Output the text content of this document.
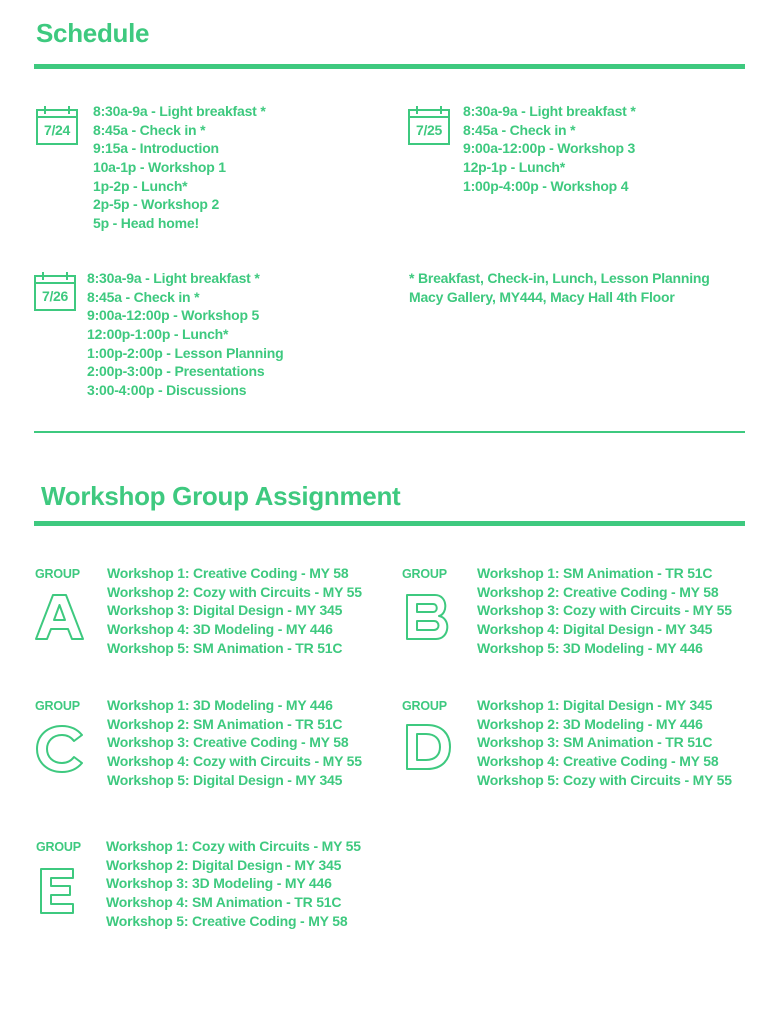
Schedule
7/24
8:30a-9a - Light breakfast *
8:45a - Check in *
9:15a - Introduction
10a-1p - Workshop 1
1p-2p - Lunch*
2p-5p - Workshop 2
5p - Head home!
7/25
8:30a-9a - Light breakfast *
8:45a - Check in *
9:00a-12:00p - Workshop 3
12p-1p - Lunch*
1:00p-4:00p - Workshop 4
7/26
8:30a-9a - Light breakfast *
8:45a - Check in *
9:00a-12:00p - Workshop 5
12:00p-1:00p - Lunch*
1:00p-2:00p - Lesson Planning
2:00p-3:00p - Presentations
3:00-4:00p - Discussions
* Breakfast, Check-in, Lunch, Lesson Planning
Macy Gallery, MY444, Macy Hall 4th Floor
Workshop Group Assignment
GROUP Workshop 1: Creative Coding - MY 58
Workshop 2: Cozy with Circuits - MY 55
Workshop 3: Digital Design - MY 345
Workshop 4: 3D Modeling - MY 446
Workshop 5: SM Animation - TR 51C
GROUP Workshop 1: SM Animation - TR 51C
Workshop 2: Creative Coding - MY 58
Workshop 3: Cozy with Circuits - MY 55
Workshop 4: Digital Design - MY 345
Workshop 5: 3D Modeling - MY 446
GROUP Workshop 1: 3D Modeling - MY 446
Workshop 2: SM Animation - TR 51C
Workshop 3: Creative Coding - MY 58
Workshop 4: Cozy with Circuits - MY 55
Workshop 5: Digital Design - MY 345
GROUP Workshop 1: Digital Design - MY 345
Workshop 2: 3D Modeling - MY 446
Workshop 3: SM Animation - TR 51C
Workshop 4: Creative Coding - MY 58
Workshop 5: Cozy with Circuits - MY 55
GROUP Workshop 1: Cozy with Circuits - MY 55
Workshop 2: Digital Design - MY 345
Workshop 3: 3D Modeling - MY 446
Workshop 4: SM Animation - TR 51C
Workshop 5: Creative Coding - MY 58
